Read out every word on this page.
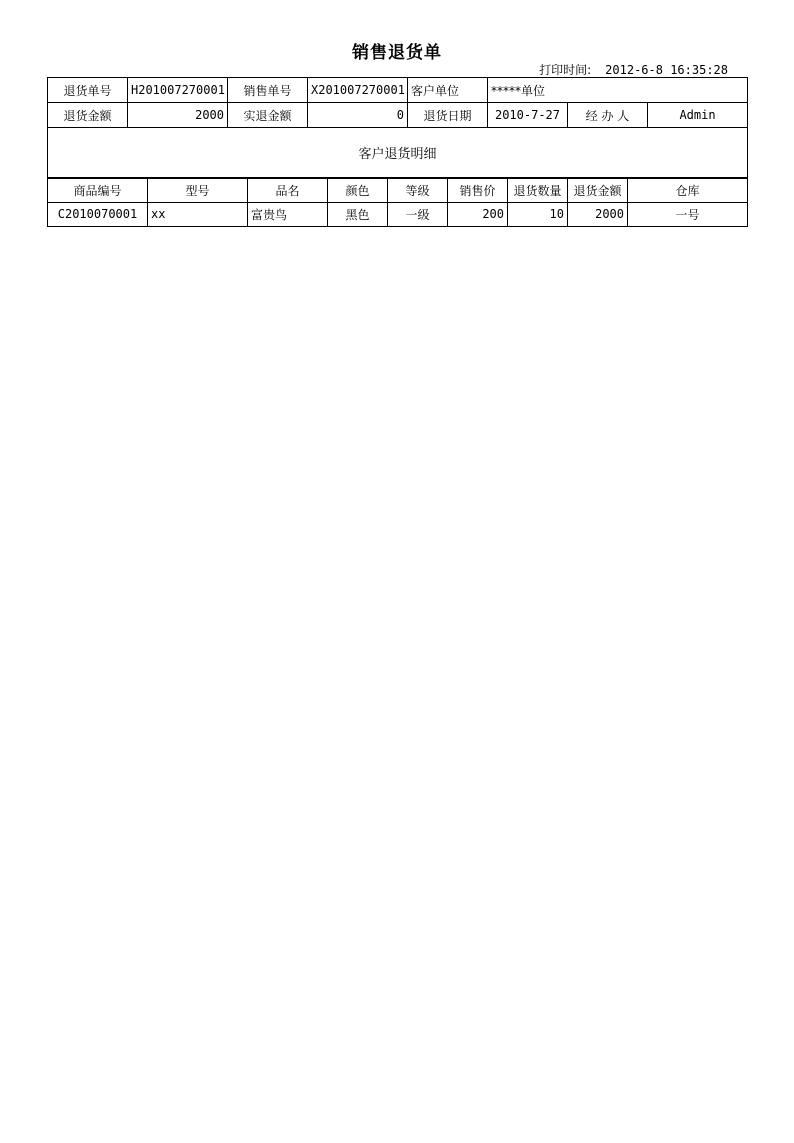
销售退货单
打印时间: 2012-6-8 16:35:28
退货单号	H201007270001	销售单号	X201007270001	客户单位	*****单位		
退货金额	2000	实退金额	0	退货日期	2010-7-27	经 办 人	Admin
客户退货明细							
商品编号	型号	品名	颜色	等级	销售价	退货数量	退货金额	仓库
C2010070001	xx	富贵鸟	黑色	一级	200	10	2000	一号
